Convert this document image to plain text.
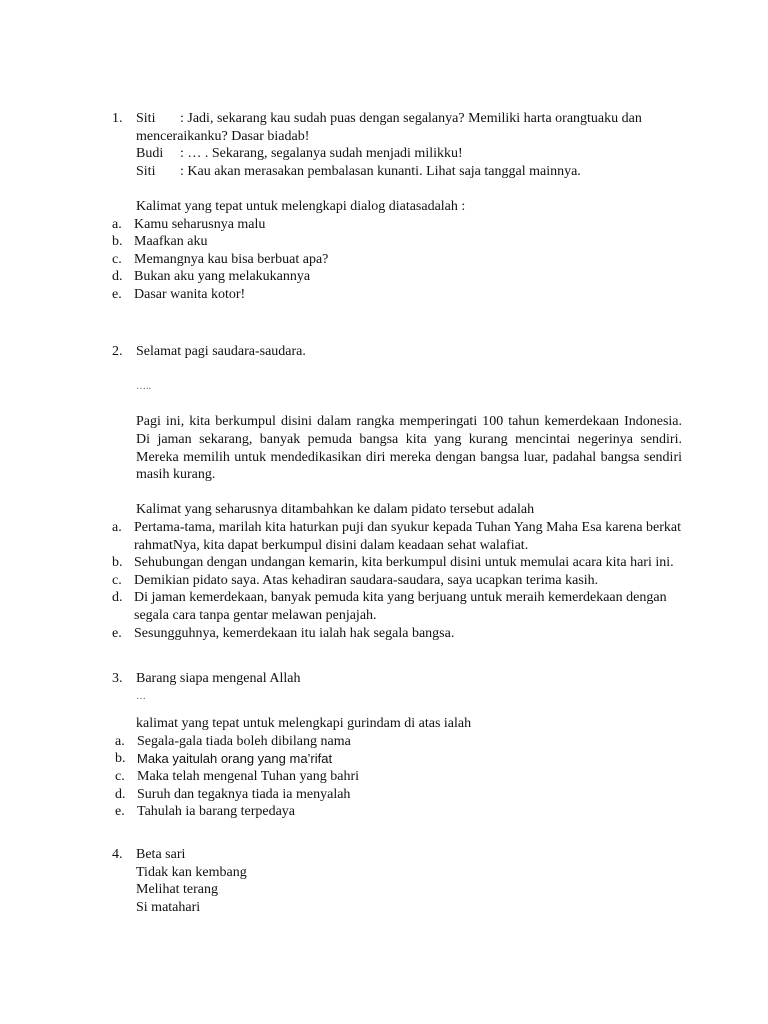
1. Siti	: Jadi, sekarang kau sudah puas dengan segalanya? Memiliki harta orangtuaku dan
menceraikanku? Dasar biadab!
Budi	: … . Sekarang, segalanya sudah menjadi milikku!
Siti	: Kau akan merasakan pembalasan kunanti. Lihat saja tanggal mainnya.
Kalimat yang tepat untuk melengkapi dialog diatasadalah :
a. Kamu seharusnya malu
b. Maafkan aku
c. Memangnya kau bisa berbuat apa?
d. Bukan aku yang melakukannya
e. Dasar wanita kotor!
2. Selamat pagi saudara-saudara.
…..
Pagi ini, kita berkumpul disini dalam rangka memperingati 100 tahun kemerdekaan Indonesia. Di jaman sekarang, banyak pemuda bangsa kita yang kurang mencintai negerinya sendiri. Mereka memilih untuk mendedikasikan diri mereka dengan bangsa luar, padahal bangsa sendiri masih kurang.
Kalimat yang seharusnya ditambahkan ke dalam pidato tersebut adalah
a. Pertama-tama, marilah kita haturkan puji dan syukur kepada Tuhan Yang Maha Esa karena berkat rahmatNya, kita dapat berkumpul disini dalam keadaan sehat walafiat.
b. Sehubungan dengan undangan kemarin, kita berkumpul disini untuk memulai acara kita hari ini.
c. Demikian pidato saya. Atas kehadiran saudara-saudara, saya ucapkan terima kasih.
d. Di jaman kemerdekaan, banyak pemuda kita yang berjuang untuk meraih kemerdekaan dengan segala cara tanpa gentar melawan penjajah.
e. Sesungguhnya, kemerdekaan itu ialah hak segala bangsa.
3. Barang siapa mengenal Allah
…
kalimat yang tepat untuk melengkapi gurindam di atas ialah
a. Segala-gala tiada boleh dibilang nama
b. Maka yaitulah orang yang ma’rifat
c. Maka telah mengenal Tuhan yang bahri
d. Suruh dan tegaknya tiada ia menyalah
e. Tahulah ia barang terpedaya
4. Beta sari
Tidak kan kembang
Melihat terang
Si matahari
